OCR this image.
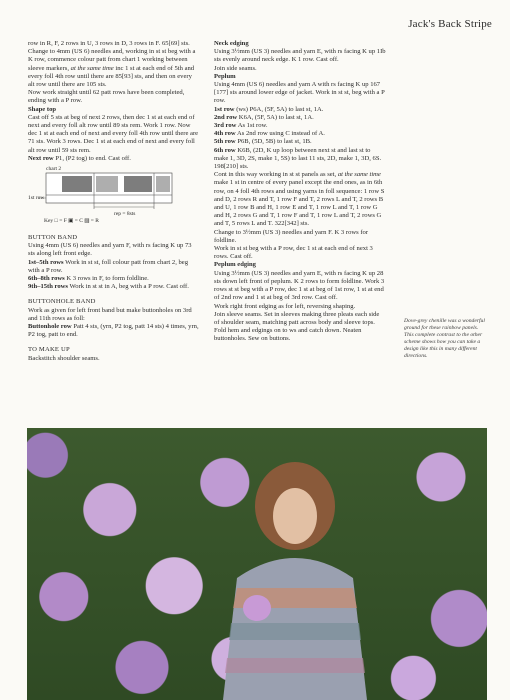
Jack's Back Stripe

row in R, F, 2 rows in U, 3 rows in D, 3 rows in F. 65[69] sts.

Change to 4mm (US 6) needles and, working in st st beg with a K row, commence colour patt from chart 1 working between sleeve markers, at the same time inc 1 st at each end of 5th and every foll 4th row until there are 85[93] sts, and then on every alt row until there are 105 sts.

Now work straight until 62 patt rows have been completed, ending with a P row.

Shape top

Cast off 5 sts at beg of next 2 rows, then dec 1 st at each end of next and every foll alt row until 89 sts rem. Work 1 row. Now dec 1 st at each end of next and every foll 4th row until there are 71 sts. Work 3 rows. Dec 1 st at each end of next and every foll alt row until 59 sts rem.

Next row P1, (P2 tog) to end. Cast off.

chart 2
1st row
rep = 8sts
Key □ = F ▣ = C ▨ = R

BUTTON BAND

Using 4mm (US 6) needles and yarn F, with rs facing K up 73 sts along left front edge.

1st–5th rows Work in st st, foll colour patt from chart 2, beg with a P row.

6th–8th rows K 3 rows in F, to form foldline.

9th–15th rows Work in st st in A, beg with a P row. Cast off.

BUTTONHOLE BAND

Work as given for left front band but make buttonholes on 3rd and 11th rows as foll:

Buttonhole row Patt 4 sts, (yrn, P2 tog, patt 14 sts) 4 times, yrn, P2 tog, patt to end.

TO MAKE UP

Backstitch shoulder seams.

Neck edging

Using 3½mm (US 3) needles and yarn E, with rs facing K up 1Ib sts evenly around neck edge. K 1 row. Cast off.

Join side seams.

Peplum

Using 4mm (US 6) needles and yarn A with rs facing K up 167 [177] sts around lower edge of jacket. Work in st st, beg with a P row.

1st row (ws) P6A, (5F, 5A) to last st, 1A.

2nd row K6A, (5F, 5A) to last st, 1A.

3rd row As 1st row.

4th row As 2nd row using C instead of A.

5th row P6B, (5D, 5B) to last st, 1B.

6th row K6B, (2D, K up loop between next st and last st to make 1, 3D, 2S, make 1, 5S) to last 11 sts, 2D, make 1, 3D, 6S. 198[210] sts.

Cont in this way working in st st panels as set, at the same time make 1 st in centre of every panel except the end ones, as in 6th row, on 4 foll 4th rows and using yarns in foll sequence: 1 row S and D, 2 rows R and T, 1 row F and T, 2 rows L and T, 2 rows B and U, 1 row B and H, 1 row E and T, 1 row L and T, 1 row G and H, 2 rows G and T, 1 row F and T, 1 row L and T, 2 rows G and T, 5 rows L and T. 322[342] sts.

Change to 3½mm (US 3) needles and yarn F. K 3 rows for foldline.

Work in st st beg with a P row, dec 1 st at each end of next 3 rows. Cast off.

Peplum edging

Using 3½mm (US 3) needles and yarn E, with rs facing K up 28 sts down left front of peplum. K 2 rows to form foldline. Work 3 rows st st beg with a P row, dec 1 st at beg of 1st row, 1 st at end of 2nd row and 1 st at beg of 3rd row. Cast off.

Work right front edging as for left, reversing shaping.

Join sleeve seams. Set in sleeves making three pleats each side of shoulder seam, matching patt across body and sleeve tops.

Fold hem and edgings on to ws and catch down. Neaten buttonholes. Sew on buttons.

Dove-grey chenille was a wonderful ground for these rainbow panels. This complete contrast to the other scheme shows how you can take a design like this in many different directions.
